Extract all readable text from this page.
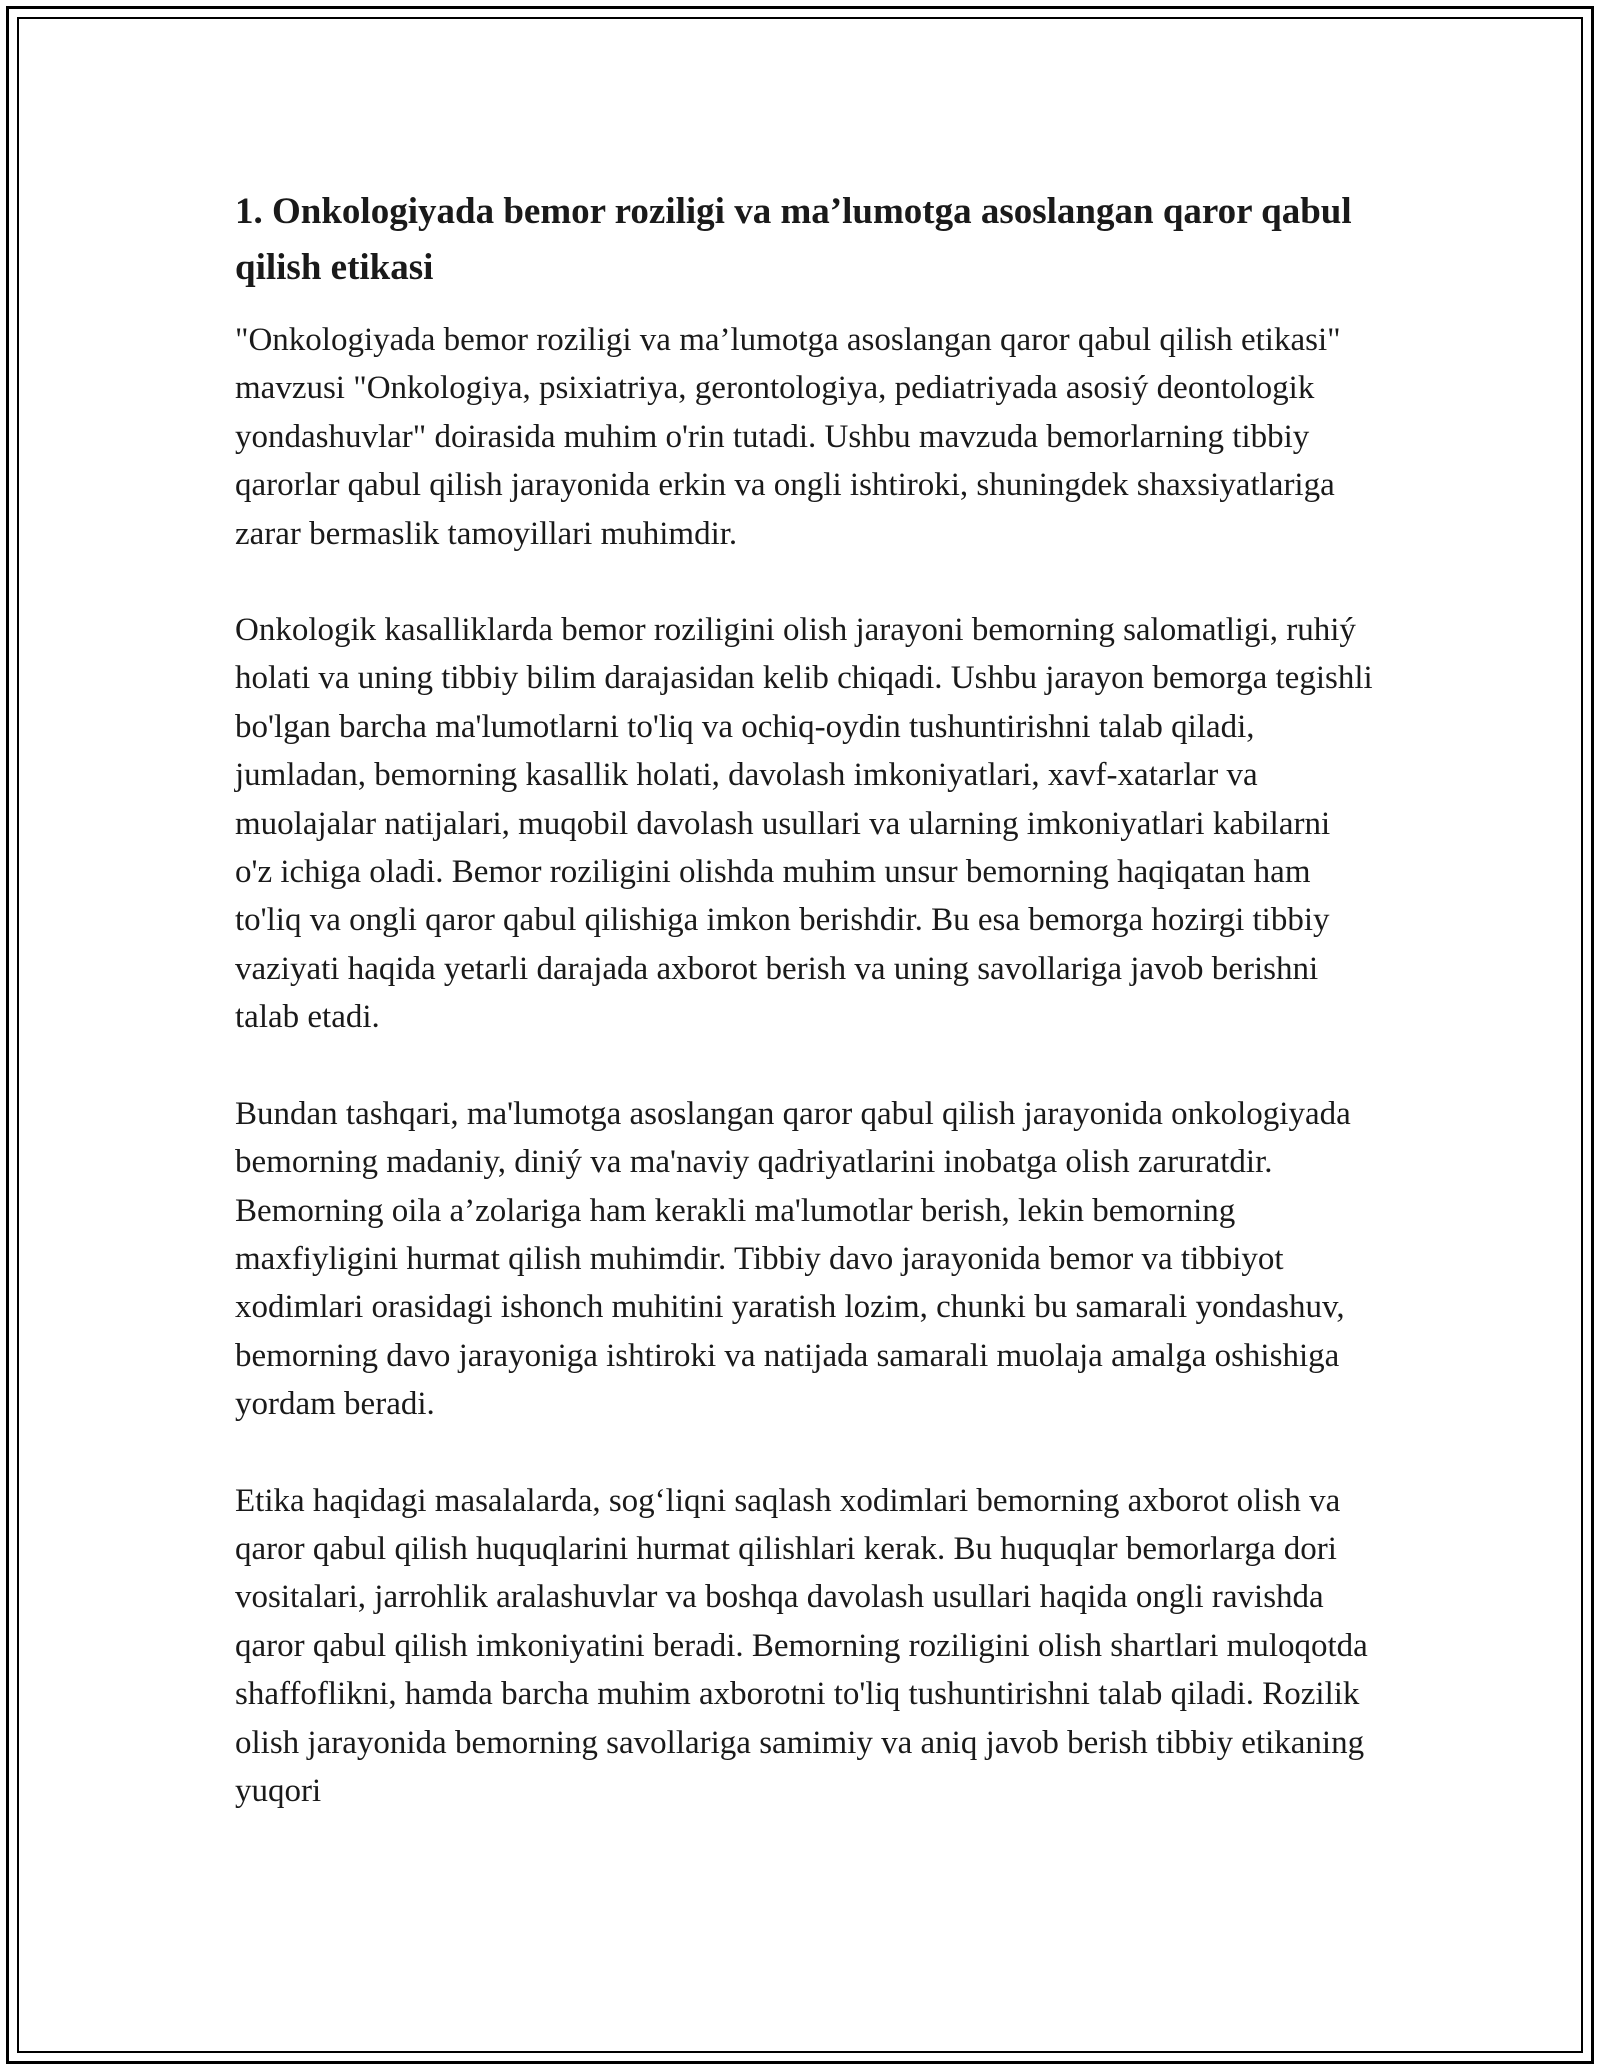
1. Onkologiyada bemor roziligi va ma’lumotga asoslangan qaror qabul qilish etikasi

"Onkologiyada bemor roziligi va ma’lumotga asoslangan qaror qabul qilish etikasi" mavzusi "Onkologiya, psixiatriya, gerontologiya, pediatriyada asosiý deontologik yondashuvlar" doirasida muhim o'rin tutadi. Ushbu mavzuda bemorlarning tibbiy qarorlar qabul qilish jarayonida erkin va ongli ishtiroki, shuningdek shaxsiyatlariga zarar bermaslik tamoyillari muhimdir.

Onkologik kasalliklarda bemor roziligini olish jarayoni bemorning salomatligi, ruhiý holati va uning tibbiy bilim darajasidan kelib chiqadi. Ushbu jarayon bemorga tegishli bo'lgan barcha ma'lumotlarni to'liq va ochiq-oydin tushuntirishni talab qiladi, jumladan, bemorning kasallik holati, davolash imkoniyatlari, xavf-xatarlar va muolajalar natijalari, muqobil davolash usullari va ularning imkoniyatlari kabilarni o'z ichiga oladi. Bemor roziligini olishda muhim unsur bemorning haqiqatan ham to'liq va ongli qaror qabul qilishiga imkon berishdir. Bu esa bemorga hozirgi tibbiy vaziyati haqida yetarli darajada axborot berish va uning savollariga javob berishni talab etadi.

Bundan tashqari, ma'lumotga asoslangan qaror qabul qilish jarayonida onkologiyada bemorning madaniy, diniý va ma'naviy qadriyatlarini inobatga olish zaruratdir. Bemorning oila a’zolariga ham kerakli ma'lumotlar berish, lekin bemorning maxfiyligini hurmat qilish muhimdir. Tibbiy davo jarayonida bemor va tibbiyot xodimlari orasidagi ishonch muhitini yaratish lozim, chunki bu samarali yondashuv, bemorning davo jarayoniga ishtiroki va natijada samarali muolaja amalga oshishiga yordam beradi.

Etika haqidagi masalalarda, sog‘liqni saqlash xodimlari bemorning axborot olish va qaror qabul qilish huquqlarini hurmat qilishlari kerak. Bu huquqlar bemorlarga dori vositalari, jarrohlik aralashuvlar va boshqa davolash usullari haqida ongli ravishda qaror qabul qilish imkoniyatini beradi. Bemorning roziligini olish shartlari muloqotda shaffoflikni, hamda barcha muhim axborotni to'liq tushuntirishni talab qiladi. Rozilik olish jarayonida bemorning savollariga samimiy va aniq javob berish tibbiy etikaning yuqori
